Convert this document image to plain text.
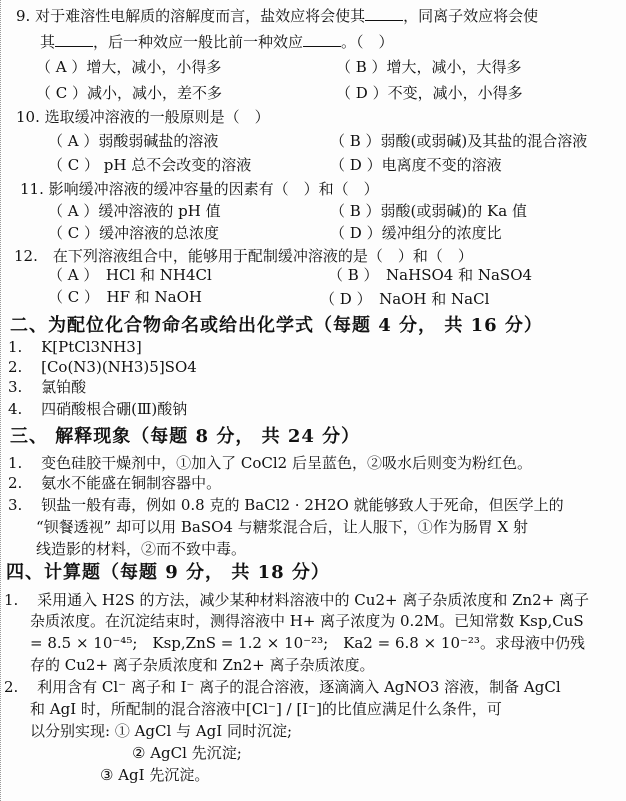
9. 对于难溶性电解质的溶解度而言，盐效应将会使其	，同离子效应将会使
其	，后一种效应一般比前一种效应	。（　）
（ A ）增大，减小，小得多	（ B ）增大，减小，大得多
（ C ）减小，减小，差不多	（ D ）不变，减小，小得多
10. 选取缓冲溶液的一般原则是（　）
（ A ）弱酸弱碱盐的溶液	（ B ）弱酸(或弱碱)及其盐的混合溶液
（ C ） pH 总不会改变的溶液	（ D ）电离度不变的溶液
11. 影响缓冲溶液的缓冲容量的因素有（　）和（　）
（ A ）缓冲溶液的 pH 值	（ B ）弱酸(或弱碱)的 Ka 值
（ C ）缓冲溶液的总浓度	（ D ）缓冲组分的浓度比
12.　在下列溶液组合中，能够用于配制缓冲溶液的是（　）和（　）
（ A ）　HCl 和 NH4Cl	（ B ）　NaHSO4 和 NaSO4
（ C ）　HF 和 NaOH	（ D ）　NaOH 和 NaCl
二、为配位化合物命名或给出化学式（每题 4 分， 共 16 分）
1. K[PtCl3NH3]
2. [Co(N3)(NH3)5]SO4
3. 氯铂酸
4. 四硝酸根合硼(Ⅲ)酸钠
三、 解释现象（每题 8 分， 共 24 分）
1. 变色硅胶干燥剂中，①加入了 CoCl2 后呈蓝色，②吸水后则变为粉红色。
2. 氨水不能盛在铜制容器中。
3. 钡盐一般有毒，例如 0.8 克的 BaCl2 · 2H2O 就能够致人于死命，但医学上的
“钡餐透视” 却可以用 BaSO4 与糖浆混合后，让人服下，①作为肠胃 X 射
线造影的材料，②而不致中毒。
四、计算题（每题 9 分， 共 18 分）
1. 采用通入 H2S 的方法，减少某种材料溶液中的 Cu2+ 离子杂质浓度和 Zn2+ 离子
杂质浓度。在沉淀结束时，测得溶液中 H+ 离子浓度为 0.2M。已知常数 Ksp,CuS
= 8.5 × 10⁻⁴⁵;　Ksp,ZnS = 1.2 × 10⁻²³;　Ka2 = 6.8 × 10⁻²³。求母液中仍残
存的 Cu2+ 离子杂质浓度和 Zn2+ 离子杂质浓度。
2. 利用含有 Cl⁻ 离子和 I⁻ 离子的混合溶液，逐滴滴入 AgNO3 溶液，制备 AgCl
和 AgI 时，所配制的混合溶液中[Cl⁻] / [I⁻]的比值应满足什么条件，可
以分别实现: ① AgCl 与 AgI 同时沉淀;
② AgCl 先沉淀;
③ AgI 先沉淀。
